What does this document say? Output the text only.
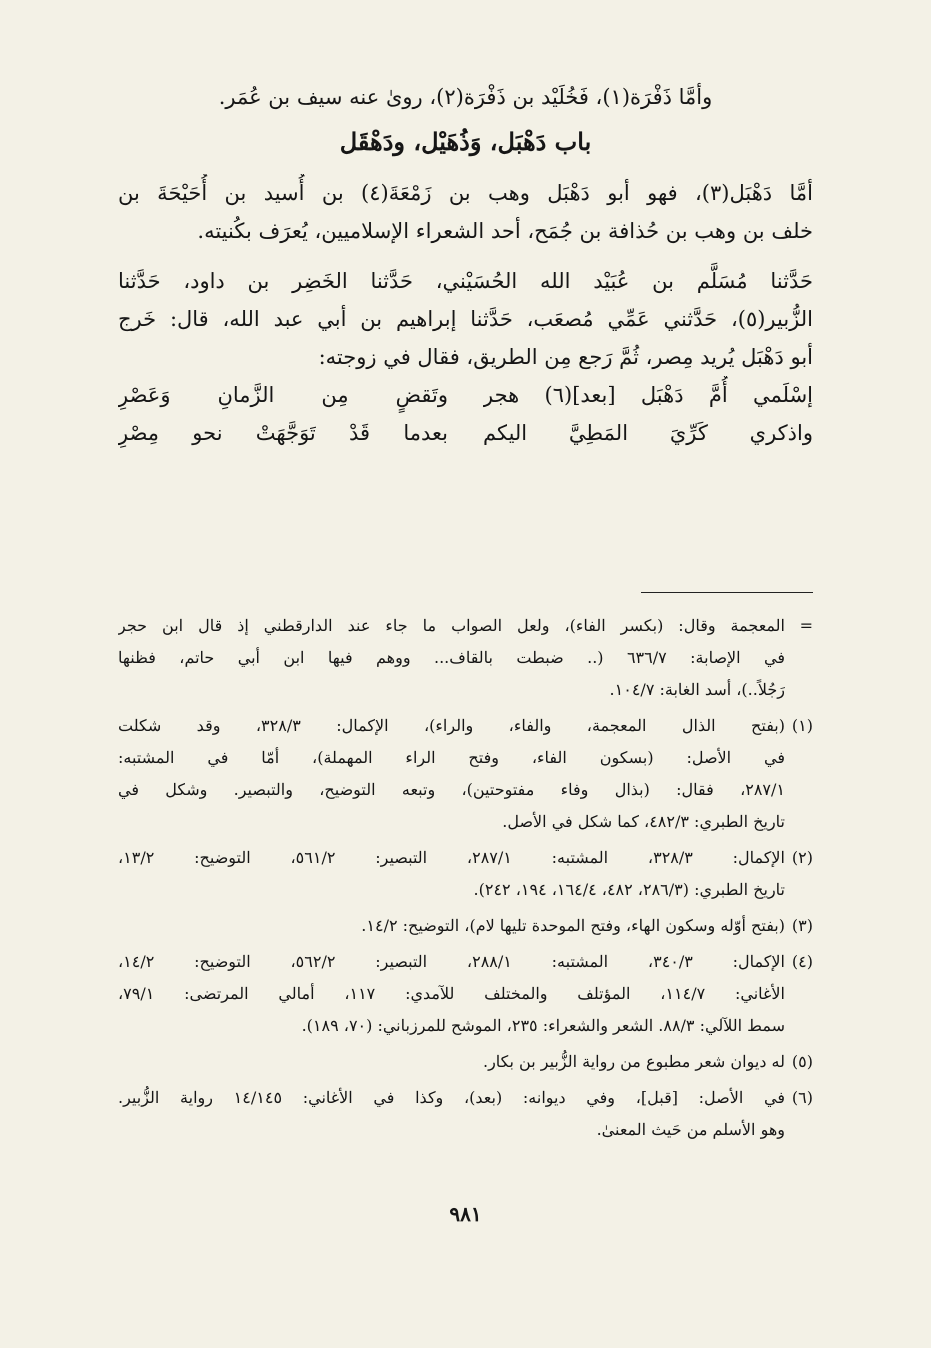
وأمَّا ذَفْرَة(١)، فَخُلَيْد بن ذَفْرَة(٢)، روىٰ عنه سيف بن عُمَر.
باب دَهْبَل، وَذُهَيْل، ودَهْقَل
أمَّا دَهْبَل(٣)، فهو أبو دَهْبَل وهب بن زَمْعَةَ(٤) بن أُسيد بن أُحَيْحَةَ بن
خلف بن وهب بن حُذافة بن جُمَح، أحد الشعراء الإسلاميين، يُعرَف بكُنيته.
حَدَّثنا مُسَلَّم بن عُبَيْد الله الحُسَيْني، حَدَّثنا الخَضِر بن داود، حَدَّثنا
الزُّبير(٥)، حَدَّثني عَمِّي مُصعَب، حَدَّثنا إبراهيم بن أبي عبد الله، قال: خَرج
أبو دَهْبَل يُريد مِصر، ثُمَّ رَجع مِن الطريق، فقال في زوجته:
إسْلَمي أُمَّ دَهْبَل [بعد](٦) هجر
وتَقضٍ مِن الزَّمانِ وَعَصْرِ
واذكري كَرِّيَ المَطِيَّ اليكم
بعدما قَدْ تَوَجَّهَتْ نحو مِصْرِ
=
المعجمة وقال: (بكسر الفاء)، ولعل الصواب ما جاء عند الدارقطني إذ قال ابن حجر
في الإصابة: ٦٣٦/٧ (.. ضبطت بالقاف... ووهم فيها ابن أبي حاتم، فظنها
رَجُلاً..)، أسد الغابة: ١٠٤/٧.
(١)
(بفتح الذال المعجمة، والفاء، والراء)، الإكمال: ٣٢٨/٣، وقد شكلت
في الأصل: (بسكون الفاء، وفتح الراء المهملة)، أمّا في المشتبه:
٢٨٧/١، فقال: (بذال وفاء مفتوحتين)، وتبعه التوضيح، والتبصير. وشكل في
تاريخ الطبري: ٤٨٢/٣، كما شكل في الأصل.
(٢)
الإكمال: ٣٢٨/٣، المشتبه: ٢٨٧/١، التبصير: ٥٦١/٢، التوضيح: ١٣/٢،
تاريخ الطبري: (٢٨٦/٣، ٤٨٢، ١٦٤/٤، ١٩٤، ٢٤٢).
(٣)
(بفتح أوّله وسكون الهاء، وفتح الموحدة تليها لام)، التوضيح: ١٤/٢.
(٤)
الإكمال: ٣٤٠/٣، المشتبه: ٢٨٨/١، التبصير: ٥٦٢/٢، التوضيح: ١٤/٢،
الأغاني: ١١٤/٧، المؤتلف والمختلف للآمدي: ١١٧، أمالي المرتضى: ٧٩/١،
سمط اللآلي: ٨٨/٣. الشعر والشعراء: ٢٣٥، الموشح للمرزباني: (٧٠، ١٨٩).
(٥)
له ديوان شعر مطبوع من رواية الزُّبير بن بكار.
(٦)
في الأصل: [قبل]، وفي ديوانه: (بعد)، وكذا في الأغاني: ١٤/١٤٥ رواية الزُّبير.
وهو الأسلم من حَيث المعنىٰ.
٩٨١
